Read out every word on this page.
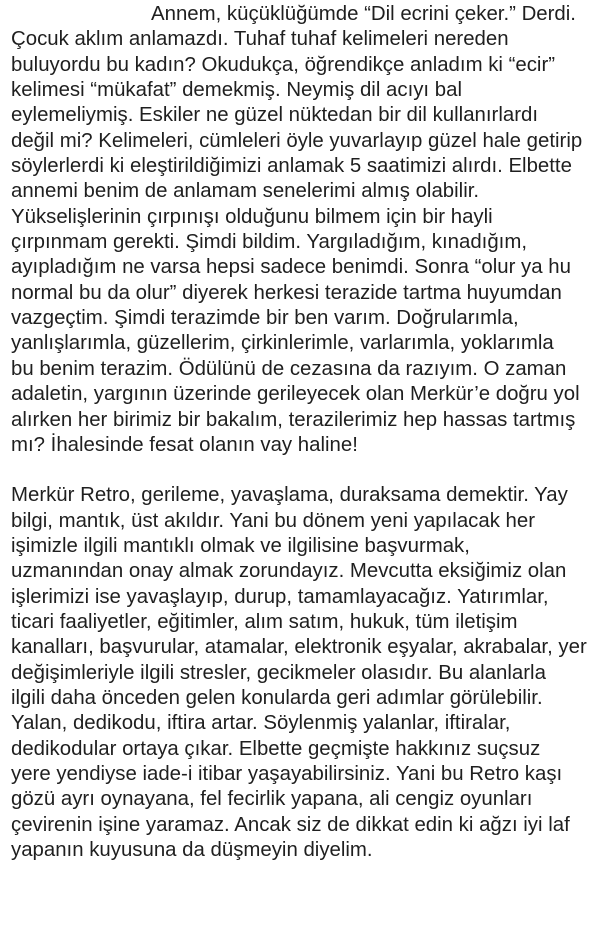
Annem, küçüklüğümde “Dil ecrini çeker.” Derdi.
Çocuk aklım anlamazdı. Tuhaf tuhaf kelimeleri nereden
buluyordu bu kadın? Okudukça, öğrendikçe anladım ki “ecir”
kelimesi “mükafat” demekmiş. Neymiş dil acıyı bal
eylemeliymiş. Eskiler ne güzel nüktedan bir dil kullanırlardı
değil mi? Kelimeleri, cümleleri öyle yuvarlayıp güzel hale getirip
söylerlerdi ki eleştirildiğimizi anlamak 5 saatimizi alırdı. Elbette
annemi benim de anlamam senelerimi almış olabilir.
Yükselişlerinin çırpınışı olduğunu bilmem için bir hayli
çırpınmam gerekti. Şimdi bildim. Yargıladığım, kınadığım,
ayıpladığım ne varsa hepsi sadece benimdi. Sonra “olur ya hu
normal bu da olur” diyerek herkesi terazide tartma huyumdan
vazgeçtim. Şimdi terazimde bir ben varım. Doğrularımla,
yanlışlarımla, güzellerim, çirkinlerimle, varlarımla, yoklarımla
bu benim terazim. Ödülünü de cezasına da razıyım. O zaman
adaletin, yargının üzerinde gerileyecek olan Merkür’e doğru yol
alırken her birimiz bir bakalım, terazilerimiz hep hassas tartmış
mı? İhalesinde fesat olanın vay haline!

Merkür Retro, gerileme, yavaşlama, duraksama demektir. Yay
bilgi, mantık, üst akıldır. Yani bu dönem yeni yapılacak her
işimizle ilgili mantıklı olmak ve ilgilisine başvurmak,
uzmanından onay almak zorundayız. Mevcutta eksiğimiz olan
işlerimizi ise yavaşlayıp, durup, tamamlayacağız. Yatırımlar,
ticari faaliyetler, eğitimler, alım satım, hukuk, tüm iletişim
kanalları, başvurular, atamalar, elektronik eşyalar, akrabalar, yer
değişimleriyle ilgili stresler, gecikmeler olasıdır. Bu alanlarla
ilgili daha önceden gelen konularda geri adımlar görülebilir.
Yalan, dedikodu, iftira artar. Söylenmiş yalanlar, iftiralar,
dedikodular ortaya çıkar. Elbette geçmişte hakkınız suçsuz
yere yendiyse iade-i itibar yaşayabilirsiniz. Yani bu Retro kaşı
gözü ayrı oynayana, fel fecirlik yapana, ali cengiz oyunları
çevirenin işine yaramaz. Ancak siz de dikkat edin ki ağzı iyi laf
yapanın kuyusuna da düşmeyin diyelim.
